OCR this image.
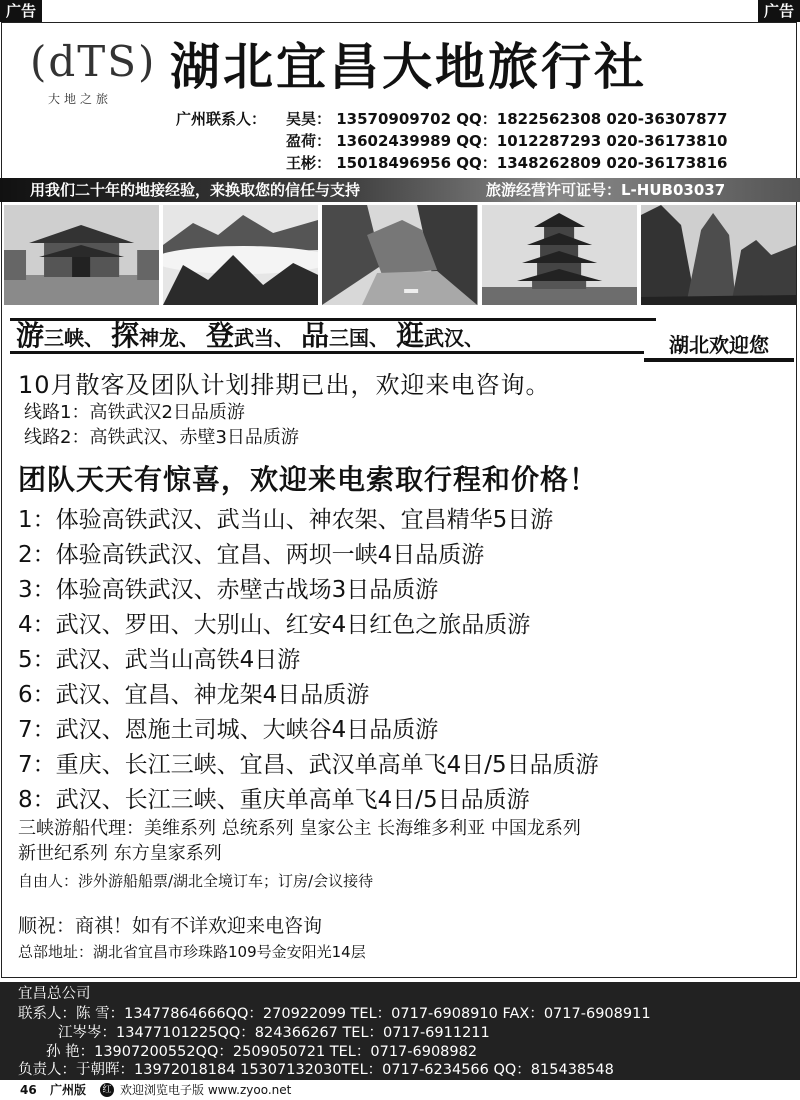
广告	广告
(dTS)
大地之旅
湖北宜昌大地旅行社
广州联系人： 吴昊： 13570909702 QQ：1822562308 020-36307877
盈荷： 13602439989 QQ：1012287293 020-36173810
王彬： 15018496956 QQ：1348262809 020-36173816
用我们二十年的地接经验，来换取您的信任与支持	旅游经营许可证号：L-HUB03037
游三峡、 探神龙、 登武当、 品三国、 逛武汉、	湖北欢迎您
10月散客及团队计划排期已出，欢迎来电咨询。
线路1：高铁武汉2日品质游
线路2：高铁武汉、赤壁3日品质游
团队天天有惊喜，欢迎来电索取行程和价格！
1：体验高铁武汉、武当山、神农架、宜昌精华5日游
2：体验高铁武汉、宜昌、两坝一峡4日品质游
3：体验高铁武汉、赤壁古战场3日品质游
4：武汉、罗田、大别山、红安4日红色之旅品质游
5：武汉、武当山高铁4日游
6：武汉、宜昌、神龙架4日品质游
7：武汉、恩施土司城、大峡谷4日品质游
7：重庆、长江三峡、宜昌、武汉单高单飞4日/5日品质游
8：武汉、长江三峡、重庆单高单飞4日/5日品质游
三峡游船代理：美维系列 总统系列 皇家公主 长海维多利亚 中国龙系列
新世纪系列 东方皇家系列
自由人：涉外游船船票/湖北全境订车；订房/会议接待
顺祝：商祺！如有不详欢迎来电咨询
总部地址：湖北省宜昌市珍珠路109号金安阳光14层
宜昌总公司
联系人：陈 雪：13477864666QQ：270922099 TEL：0717-6908910 FAX：0717-6908911
江岑岑：13477101225QQ：824366267 TEL：0717-6911211
孙 艳：13907200552QQ：2509050721 TEL：0717-6908982
负责人：于朝晖：13972018184 15307132030TEL：0717-6234566 QQ：815438548
46 广州版 红 欢迎浏览电子版 www.zyoo.net
